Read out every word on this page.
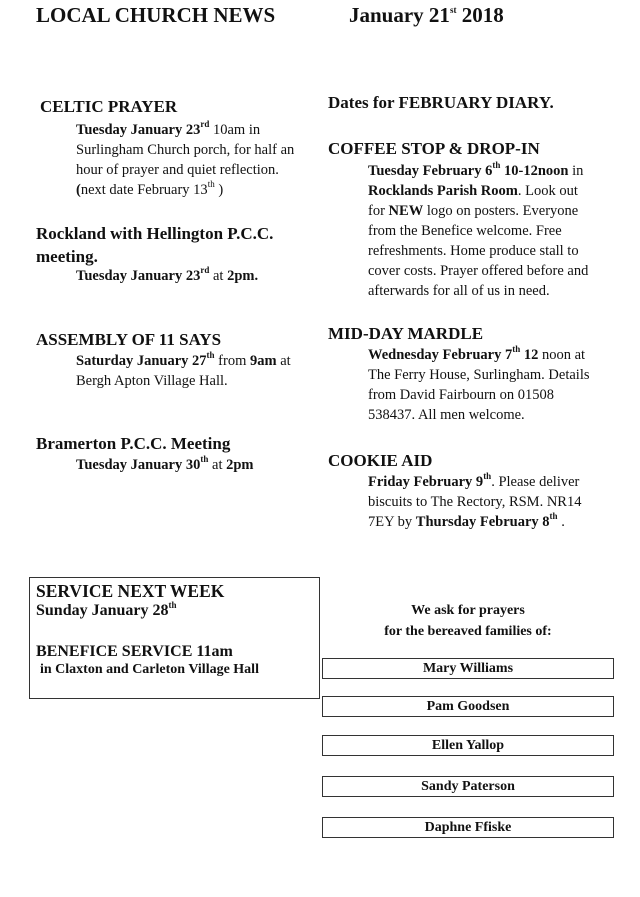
LOCAL CHURCH NEWS	January 21st 2018
CELTIC PRAYER
Tuesday January 23rd 10am in
Surlingham Church porch, for half an
hour of prayer and quiet reflection.
(next date February 13th )
Rockland with Hellington P.C.C.
meeting.
Tuesday January 23rd at 2pm.
ASSEMBLY OF 11 SAYS
Saturday January 27th from 9am at
Bergh Apton Village Hall.
Bramerton P.C.C. Meeting
Tuesday January 30th at 2pm
Dates for FEBRUARY DIARY.
COFFEE STOP & DROP-IN
Tuesday February 6th 10-12noon in
Rocklands Parish Room. Look out
for NEW logo on posters. Everyone
from the Benefice welcome. Free
refreshments. Home produce stall to
cover costs. Prayer offered before and
afterwards for all of us in need.
MID-DAY MARDLE
Wednesday February 7th 12 noon at
The Ferry House, Surlingham. Details
from David Fairbourn on 01508
538437. All men welcome.
COOKIE AID
Friday February 9th. Please deliver
biscuits to The Rectory, RSM. NR14
7EY by Thursday February 8th .
SERVICE NEXT WEEK
Sunday January 28th
BENEFICE SERVICE 11am
in Claxton and Carleton Village Hall
We ask for prayers
for the bereaved families of:
Mary Williams
Pam Goodsen
Ellen Yallop
Sandy Paterson
Daphne Ffiske
